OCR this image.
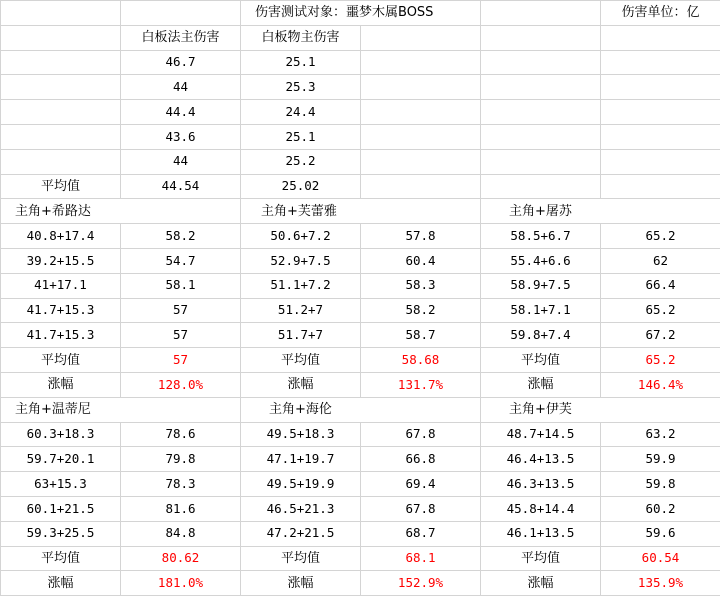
		伤害测试对象：噩梦木属BOSS			伤害单位：亿
	白板法主伤害	白板物主伤害			
	46.7	25.1			
	44	25.3			
	44.4	24.4			
	43.6	25.1			
	44	25.2			
平均值	44.54	25.02			
主角+希路达		主角+芙蕾雅		主角+屠苏	
40.8+17.4	58.2	50.6+7.2	57.8	58.5+6.7	65.2
39.2+15.5	54.7	52.9+7.5	60.4	55.4+6.6	62
41+17.1	58.1	51.1+7.2	58.3	58.9+7.5	66.4
41.7+15.3	57	51.2+7	58.2	58.1+7.1	65.2
41.7+15.3	57	51.7+7	58.7	59.8+7.4	67.2
平均值	57	平均值	58.68	平均值	65.2
涨幅	128.0%	涨幅	131.7%	涨幅	146.4%
主角+温蒂尼		主角+海伦		主角+伊芙	
60.3+18.3	78.6	49.5+18.3	67.8	48.7+14.5	63.2
59.7+20.1	79.8	47.1+19.7	66.8	46.4+13.5	59.9
63+15.3	78.3	49.5+19.9	69.4	46.3+13.5	59.8
60.1+21.5	81.6	46.5+21.3	67.8	45.8+14.4	60.2
59.3+25.5	84.8	47.2+21.5	68.7	46.1+13.5	59.6
平均值	80.62	平均值	68.1	平均值	60.54
涨幅	181.0%	涨幅	152.9%	涨幅	135.9%
